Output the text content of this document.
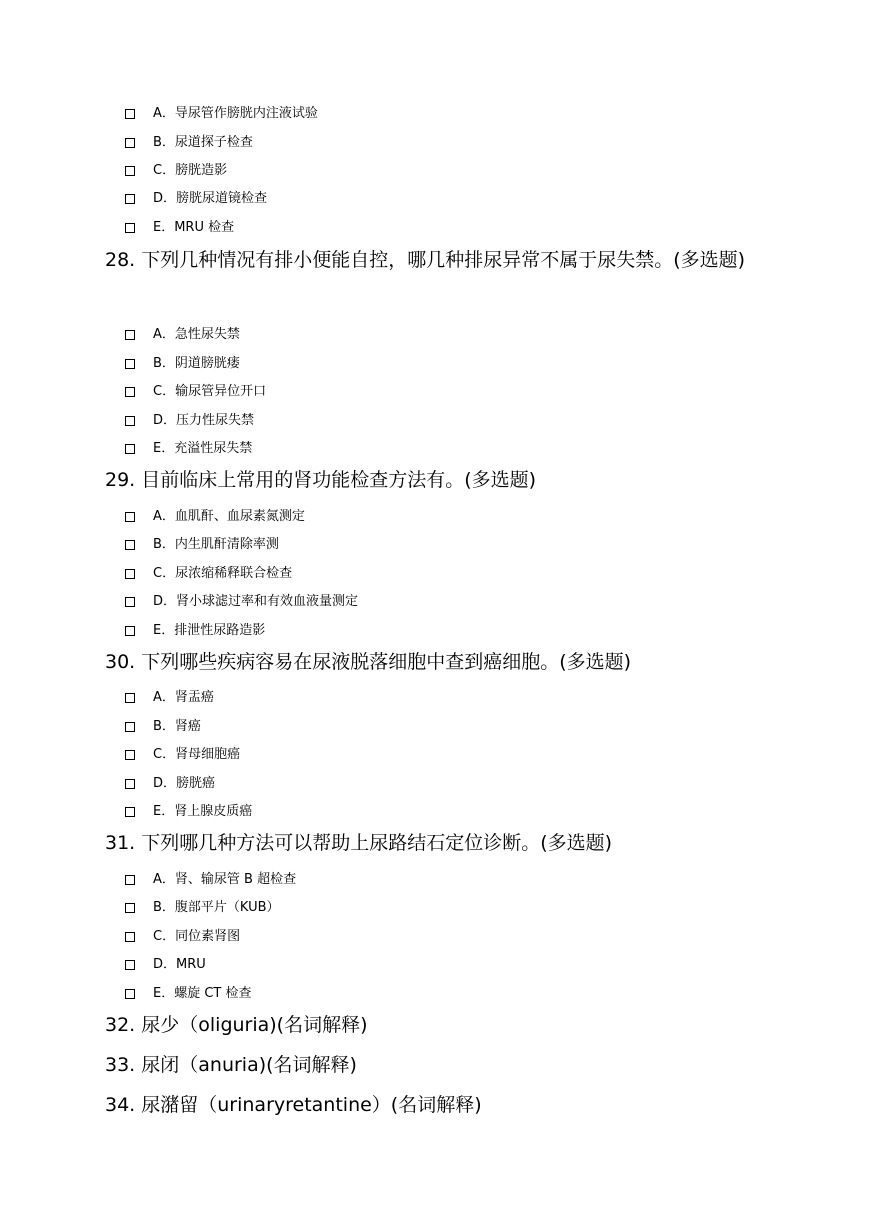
A．导尿管作膀胱内注液试验
B．尿道探子检查
C．膀胱造影
D．膀胱尿道镜检查
E．MRU 检查
28. 下列几种情况有排小便能自控，哪几种排尿异常不属于尿失禁。(多选题)
A．急性尿失禁
B．阴道膀胱瘘
C．输尿管异位开口
D．压力性尿失禁
E．充溢性尿失禁
29. 目前临床上常用的肾功能检查方法有。(多选题)
A．血肌酐、血尿素氮测定
B．内生肌酐清除率测
C．尿浓缩稀释联合检查
D．肾小球滤过率和有效血液量测定
E．排泄性尿路造影
30. 下列哪些疾病容易在尿液脱落细胞中查到癌细胞。(多选题)
A．肾盂癌
B．肾癌
C．肾母细胞癌
D．膀胱癌
E．肾上腺皮质癌
31. 下列哪几种方法可以帮助上尿路结石定位诊断。(多选题)
A．肾、输尿管 B 超检查
B．腹部平片（KUB）
C．同位素肾图
D．MRU
E．螺旋 CT 检查
32. 尿少（oliguria)(名词解释)
33. 尿闭（anuria)(名词解释)
34. 尿潴留（urinaryretantine）(名词解释)
